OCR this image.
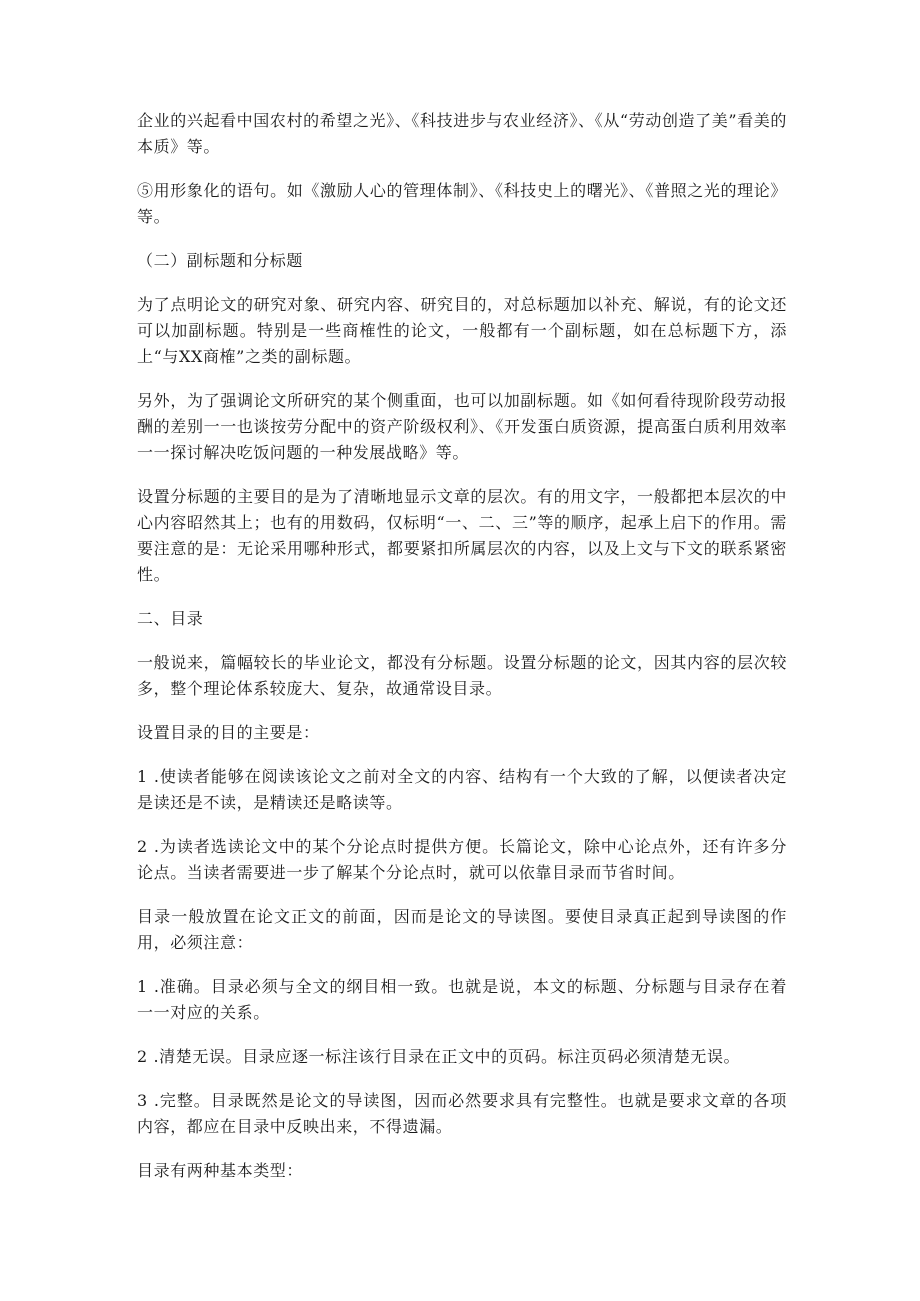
企业的兴起看中国农村的希望之光》、《科技进步与农业经济》、《从“劳动创造了美”看美的本质》等。

⑤用形象化的语句。如《激励人心的管理体制》、《科技史上的曙光》、《普照之光的理论》等。

（二）副标题和分标题

为了点明论文的研究对象、研究内容、研究目的，对总标题加以补充、解说，有的论文还可以加副标题。特别是一些商榷性的论文，一般都有一个副标题，如在总标题下方，添上“与XX商榷”之类的副标题。

另外，为了强调论文所研究的某个侧重面，也可以加副标题。如《如何看待现阶段劳动报酬的差别一一也谈按劳分配中的资产阶级权利》、《开发蛋白质资源，提高蛋白质利用效率一一探讨解决吃饭问题的一种发展战略》等。

设置分标题的主要目的是为了清晰地显示文章的层次。有的用文字，一般都把本层次的中心内容昭然其上；也有的用数码，仅标明“一、二、三”等的顺序，起承上启下的作用。需要注意的是：无论采用哪种形式，都要紧扣所属层次的内容，以及上文与下文的联系紧密性。

二、目录

一般说来，篇幅较长的毕业论文，都没有分标题。设置分标题的论文，因其内容的层次较多，整个理论体系较庞大、复杂，故通常设目录。

设置目录的目的主要是：

1 .使读者能够在阅读该论文之前对全文的内容、结构有一个大致的了解，以便读者决定是读还是不读，是精读还是略读等。

2 .为读者选读论文中的某个分论点时提供方便。长篇论文，除中心论点外，还有许多分论点。当读者需要进一步了解某个分论点时，就可以依靠目录而节省时间。

目录一般放置在论文正文的前面，因而是论文的导读图。要使目录真正起到导读图的作用，必须注意：

1 .准确。目录必须与全文的纲目相一致。也就是说，本文的标题、分标题与目录存在着一一对应的关系。

2 .清楚无误。目录应逐一标注该行目录在正文中的页码。标注页码必须清楚无误。

3 .完整。目录既然是论文的导读图，因而必然要求具有完整性。也就是要求文章的各项内容，都应在目录中反映出来，不得遗漏。

目录有两种基本类型：
